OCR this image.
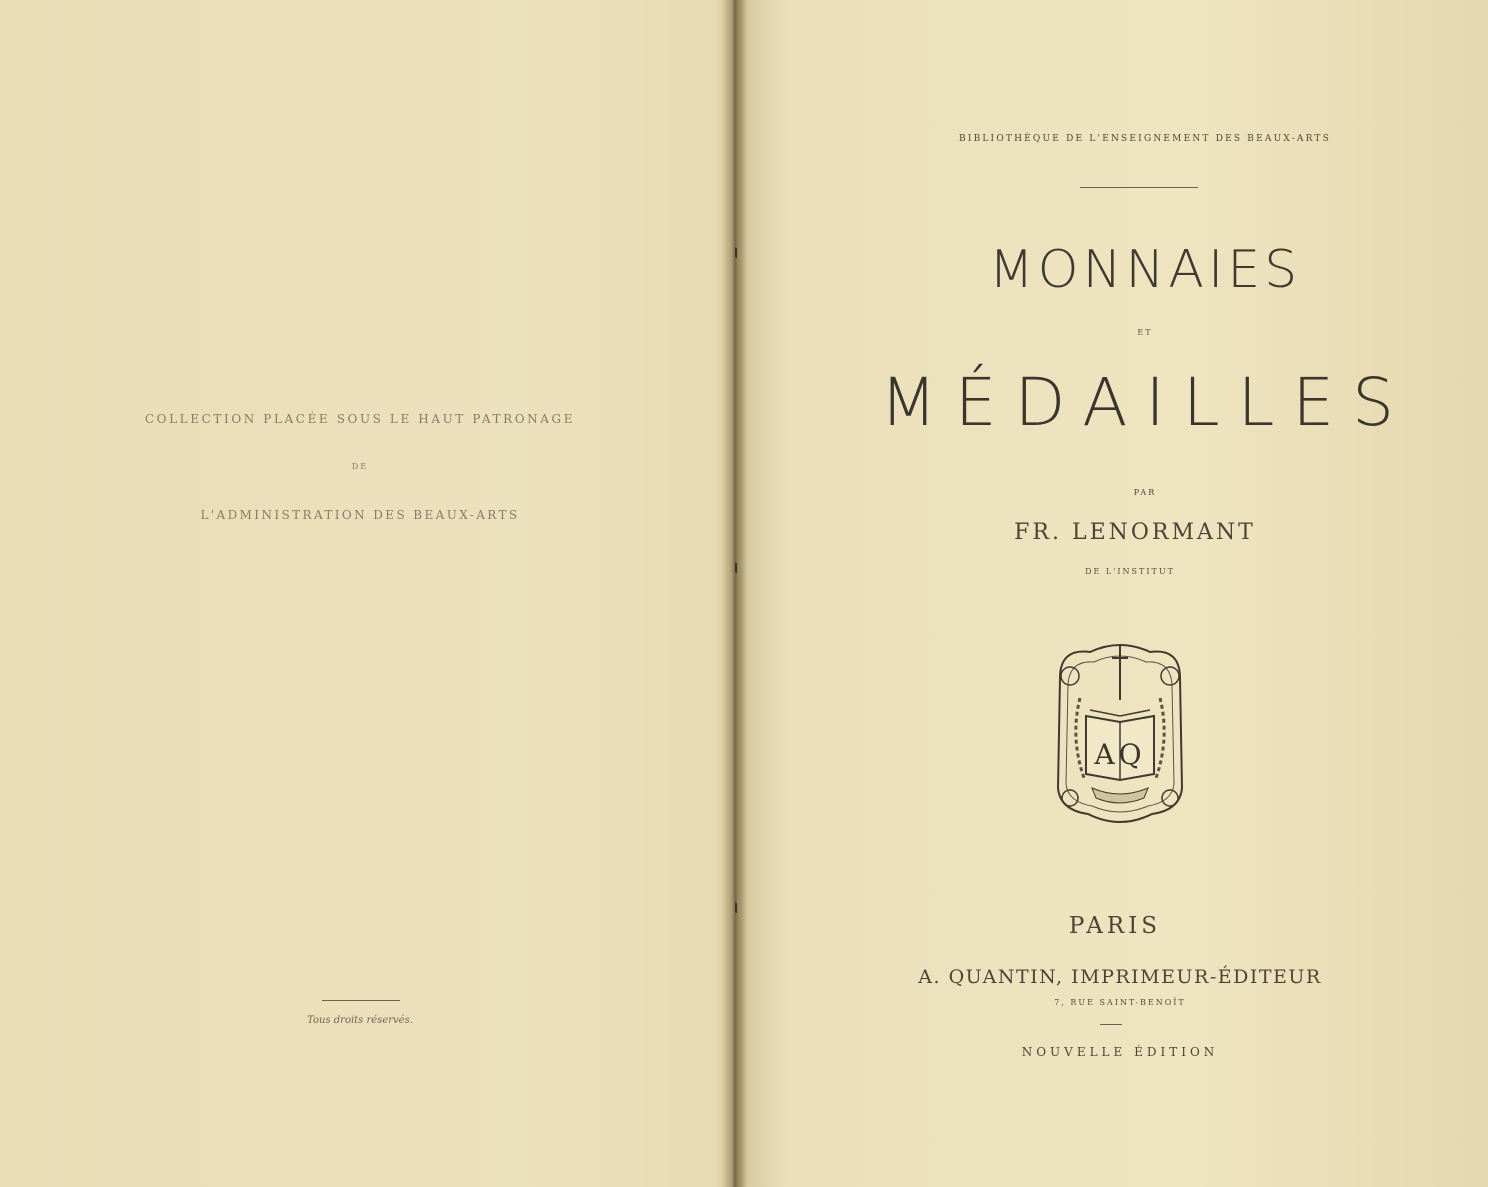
COLLECTION PLACÉE SOUS LE HAUT PATRONAGE
DE
L'ADMINISTRATION DES BEAUX-ARTS
Tous droits réservés.
BIBLIOTHÈQUE DE L'ENSEIGNEMENT DES BEAUX-ARTS
MONNAIES
ET
MÉDAILLES
PAR
FR. LENORMANT
DE L'INSTITUT
AQ
PARIS
A. QUANTIN, IMPRIMEUR-ÉDITEUR
7, RUE SAINT-BENOÎT
NOUVELLE ÉDITION
